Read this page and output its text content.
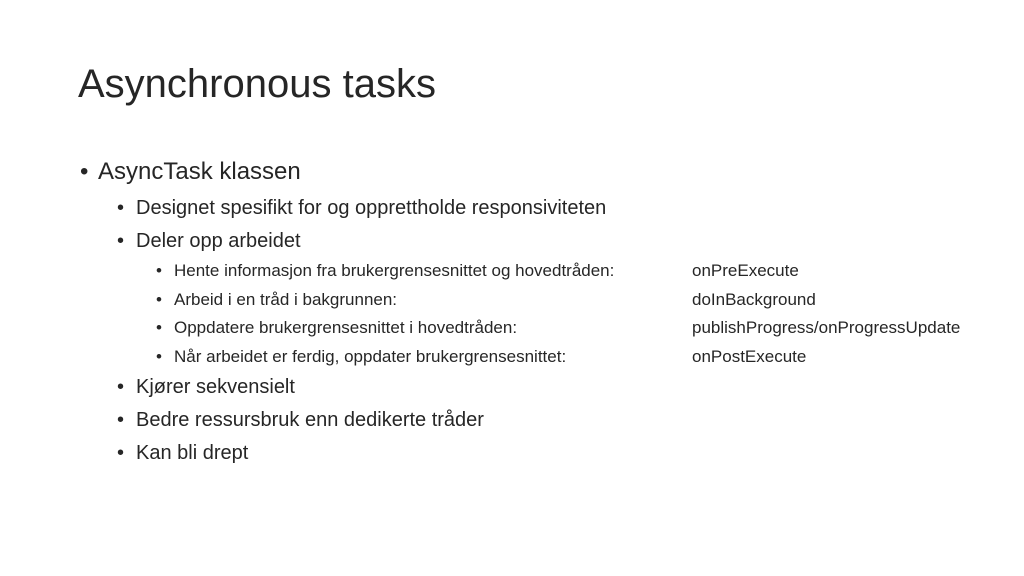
Asynchronous tasks
• AsyncTask klassen
• Designet spesifikt for og opprettholde responsiviteten
• Deler opp arbeidet
• Hente informasjon fra brukergrensesnittet og hovedtråden:	onPreExecute
• Arbeid i en tråd i bakgrunnen:	doInBackground
• Oppdatere brukergrensesnittet i hovedtråden:	publishProgress/onProgressUpdate
• Når arbeidet er ferdig, oppdater brukergrensesnittet:	onPostExecute
• Kjører sekvensielt
• Bedre ressursbruk enn dedikerte tråder
• Kan bli drept
